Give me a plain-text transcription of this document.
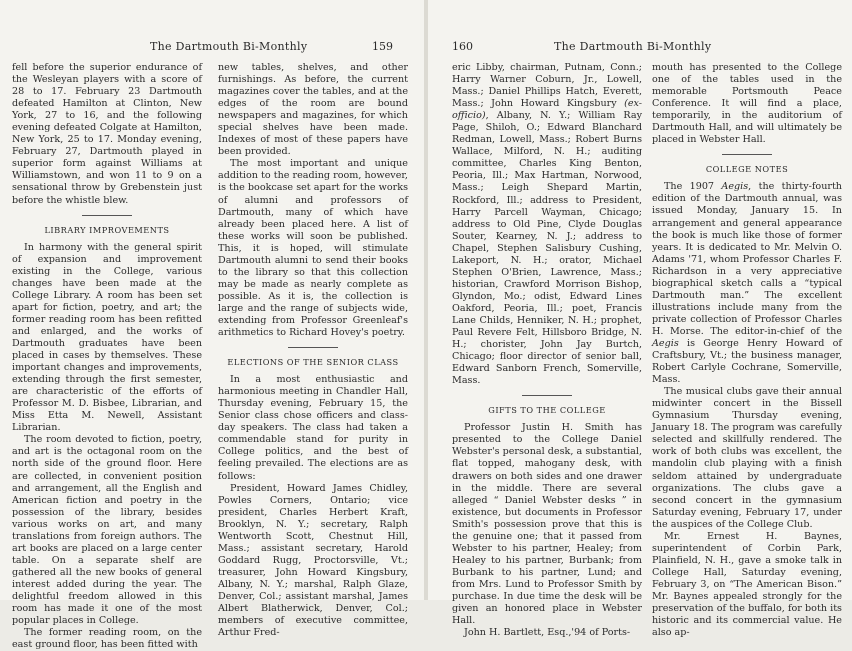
The Dartmouth Bi-Monthly	159

fell before the superior endurance of the Wesleyan players with a score of 28 to 17. February 23 Dartmouth defeated Hamilton at Clinton, New York, 27 to 16, and the following evening defeated Colgate at Hamilton, New York, 25 to 17. Monday evening, February 27, Dartmouth played in superior form against Williams at Williamstown, and won 11 to 9 on a sensational throw by Grebenstein just before the whistle blew.

LIBRARY IMPROVEMENTS

In harmony with the general spirit of expansion and improvement existing in the College, various changes have been made at the College Library. A room has been set apart for fiction, poetry, and art; the former reading room has been refitted and enlarged, and the works of Dartmouth graduates have been placed in cases by themselves. These important changes and improvements, extending through the first semester, are characteristic of the efforts of Professor M. D. Bisbee, Librarian, and Miss Etta M. Newell, Assistant Librarian.

The room devoted to fiction, poetry, and art is the octagonal room on the north side of the ground floor. Here are collected, in convenient position and arrangement, all the English and American fiction and poetry in the possession of the library, besides various works on art, and many translations from foreign authors. The art books are placed on a large center table. On a separate shelf are gathered all the new books of general interest added during the year. The delightful freedom allowed in this room has made it one of the most popular places in College.

The former reading room, on the east ground floor, has been fitted with

new tables, shelves, and other furnishings. As before, the current magazines cover the tables, and at the edges of the room are bound newspapers and magazines, for which special shelves have been made. Indexes of most of these papers have been provided.

The most important and unique addition to the reading room, however, is the bookcase set apart for the works of alumni and professors of Dartmouth, many of which have already been placed here. A list of these works will soon be published. This, it is hoped, will stimulate Dartmouth alumni to send their books to the library so that this collection may be made as nearly complete as possible. As it is, the collection is large and the range of subjects wide, extending from Professor Greenleaf's arithmetics to Richard Hovey's poetry.

ELECTIONS OF THE SENIOR CLASS

In a most enthusiastic and harmonious meeting in Chandler Hall, Thursday evening, February 15, the Senior class chose officers and class-day speakers. The class had taken a commendable stand for purity in College politics, and the best of feeling prevailed. The elections are as follows:

President, Howard James Chidley, Powles Corners, Ontario; vice president, Charles Herbert Kraft, Brooklyn, N. Y.; secretary, Ralph Wentworth Scott, Chestnut Hill, Mass.; assistant secretary, Harold Goddard Rugg, Proctorsville, Vt.; treasurer, John Howard Kingsbury, Albany, N. Y.; marshal, Ralph Glaze, Denver, Col.; assistant marshal, James Albert Blatherwick, Denver, Col.; members of executive committee, Arthur Fred-

160	The Dartmouth Bi-Monthly

eric Libby, chairman, Putnam, Conn.; Harry Warner Coburn, Jr., Lowell, Mass.; Daniel Phillips Hatch, Everett, Mass.; John Howard Kingsbury (ex-officio), Albany, N. Y.; William Ray Page, Shiloh, O.; Edward Blanchard Redman, Lowell, Mass.; Robert Burns Wallace, Milford, N. H.; auditing committee, Charles King Benton, Peoria, Ill.; Max Hartman, Norwood, Mass.; Leigh Shepard Martin, Rockford, Ill.; address to President, Harry Parcell Wayman, Chicago; address to Old Pine, Clyde Douglas Souter, Kearney, N. J.; address to Chapel, Stephen Salisbury Cushing, Lakeport, N. H.; orator, Michael Stephen O'Brien, Lawrence, Mass.; historian, Crawford Morrison Bishop, Glyndon, Mo.; odist, Edward Lines Oakford, Peoria, Ill.; poet, Francis Lane Childs, Henniker, N. H.; prophet, Paul Revere Felt, Hillsboro Bridge, N. H.; chorister, John Jay Burtch, Chicago; floor director of senior ball, Edward Sanborn French, Somerville, Mass.

GIFTS TO THE COLLEGE

Professor Justin H. Smith has presented to the College Daniel Webster's personal desk, a substantial, flat topped, mahogany desk, with drawers on both sides and one drawer in the middle. There are several alleged “ Daniel Webster desks ” in existence, but documents in Professor Smith's possession prove that this is the genuine one; that it passed from Webster to his partner, Healey; from Healey to his partner, Burbank; from Burbank to his partner, Lund; and from Mrs. Lund to Professor Smith by purchase. In due time the desk will be given an honored place in Webster Hall.

John H. Bartlett, Esq.,'94 of Ports-

mouth has presented to the College one of the tables used in the memorable Portsmouth Peace Conference. It will find a place, temporarily, in the auditorium of Dartmouth Hall, and will ultimately be placed in Webster Hall.

COLLEGE NOTES

The 1907 Aegis, the thirty-fourth edition of the Dartmouth annual, was issued Monday, January 15. In arrangement and general appearance the book is much like those of former years. It is dedicated to Mr. Melvin O. Adams '71, whom Professor Charles F. Richardson in a very appreciative biographical sketch calls a “typical Dartmouth man.” The excellent illustrations include many from the private collection of Professor Charles H. Morse. The editor-in-chief of the Aegis is George Henry Howard of Craftsbury, Vt.; the business manager, Robert Carlyle Cochrane, Somerville, Mass.

The musical clubs gave their annual midwinter concert in the Bissell Gymnasium Thursday evening, January 18. The program was carefully selected and skillfully rendered. The work of both clubs was excellent, the mandolin club playing with a finish seldom attained by undergraduate organizations. The clubs gave a second concert in the gymnasium Saturday evening, February 17, under the auspices of the College Club.

Mr. Ernest H. Baynes, superintendent of Corbin Park, Plainfield, N. H., gave a smoke talk in College Hall, Saturday evening, February 3, on “The American Bison.” Mr. Baynes appealed strongly for the preservation of the buffalo, for both its historic and its commercial value. He also ap-
